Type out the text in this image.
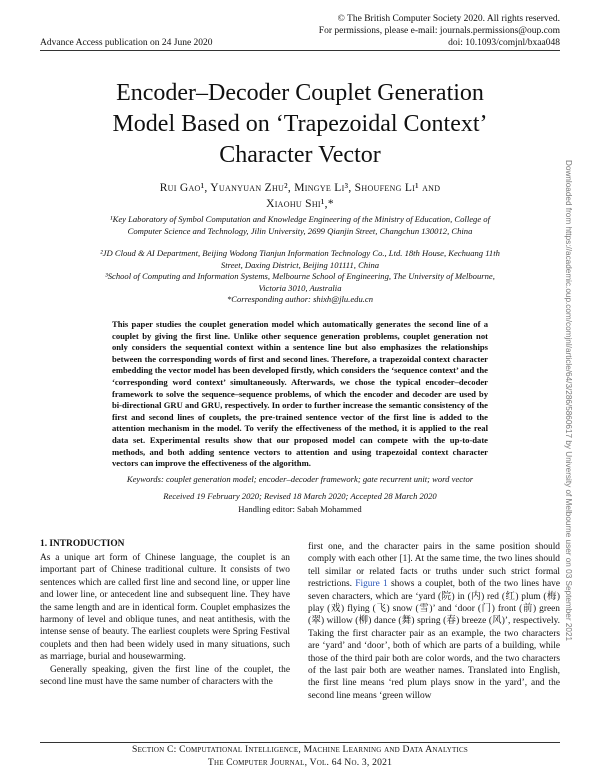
© The British Computer Society 2020. All rights reserved.
For permissions, please e-mail: journals.permissions@oup.com
Advance Access publication on 24 June 2020	doi: 10.1093/comjnl/bxaa048
Encoder–Decoder Couplet Generation
Model Based on ‘Trapezoidal Context’
Character Vector
Rui Gao¹, Yuanyuan Zhu², Mingye Li³, Shoufeng Li¹ and
Xiaohu Shi¹,*
¹Key Laboratory of Symbol Computation and Knowledge Engineering of the Ministry of Education, College of Computer Science and Technology, Jilin University, 2699 Qianjin Street, Changchun 130012, China
²JD Cloud & AI Department, Beijing Wodong Tianjun Information Technology Co., Ltd. 18th House, Kechuang 11th Street, Daxing District, Beijing 101111, China
³School of Computing and Information Systems, Melbourne School of Engineering, The University of Melbourne, Victoria 3010, Australia
*Corresponding author: shixh@jlu.edu.cn
This paper studies the couplet generation model which automatically generates the second line of a couplet by giving the first line. Unlike other sequence generation problems, couplet generation not only considers the sequential context within a sentence line but also emphasizes the relationships between the corresponding words of first and second lines. Therefore, a trapezoidal context character embedding the vector model has been developed firstly, which considers the ‘sequence context’ and the ‘corresponding word context’ simultaneously. Afterwards, we chose the typical encoder–decoder framework to solve the sequence–sequence problems, of which the encoder and decoder are used by bi-directional GRU and GRU, respectively. In order to further increase the semantic consistency of the first and second lines of couplets, the pre-trained sentence vector of the first line is added to the attention mechanism in the model. To verify the effectiveness of the method, it is applied to the real data set. Experimental results show that our proposed model can compete with the up-to-date methods, and both adding sentence vectors to attention and using trapezoidal context character vectors can improve the effectiveness of the algorithm.
Keywords: couplet generation model; encoder–decoder framework; gate recurrent unit; word vector
Received 19 February 2020; Revised 18 March 2020; Accepted 28 March 2020
Handling editor: Sabah Mohammed
1. INTRODUCTION

As a unique art form of Chinese language, the couplet is an important part of Chinese traditional culture. It consists of two sentences which are called first line and second line, or upper line and lower line, or antecedent line and subsequent line. They have the same length and are in identical form. Couplet emphasizes the harmony of level and oblique tunes, and neat antithesis, with the intense sense of beauty. The earliest couplets were Spring Festival couplets and then had been widely used in many situations, such as marriage, burial and housewarming.

Generally speaking, given the first line of the couplet, the second line must have the same number of characters with the

first one, and the character pairs in the same position should comply with each other [1]. At the same time, the two lines should tell similar or related facts or truths under such strict formal restrictions. Figure 1 shows a couplet, both of the two lines have seven characters, which are ‘yard (院) in (内) red (红) plum (梅) play (戏) flying (飞) snow (雪)’ and ‘door (门) front (前) green (翠) willow (柳) dance (舞) spring (春) breeze (风)’, respectively. Taking the first character pair as an example, the two characters are ‘yard’ and ‘door’, both of which are parts of a building, while those of the third pair both are color words, and the two characters of the last pair both are weather names. Translated into English, the first line means ‘red plum plays snow in the yard’, and the second line means ‘green willow

Section C: Computational Intelligence, Machine Learning and Data Analytics
The Computer Journal, Vol. 64 No. 3, 2021
Downloaded from https://academic.oup.com/comjnl/article/64/3/286/5860617 by University of Melbourne user on 03 September 2021
